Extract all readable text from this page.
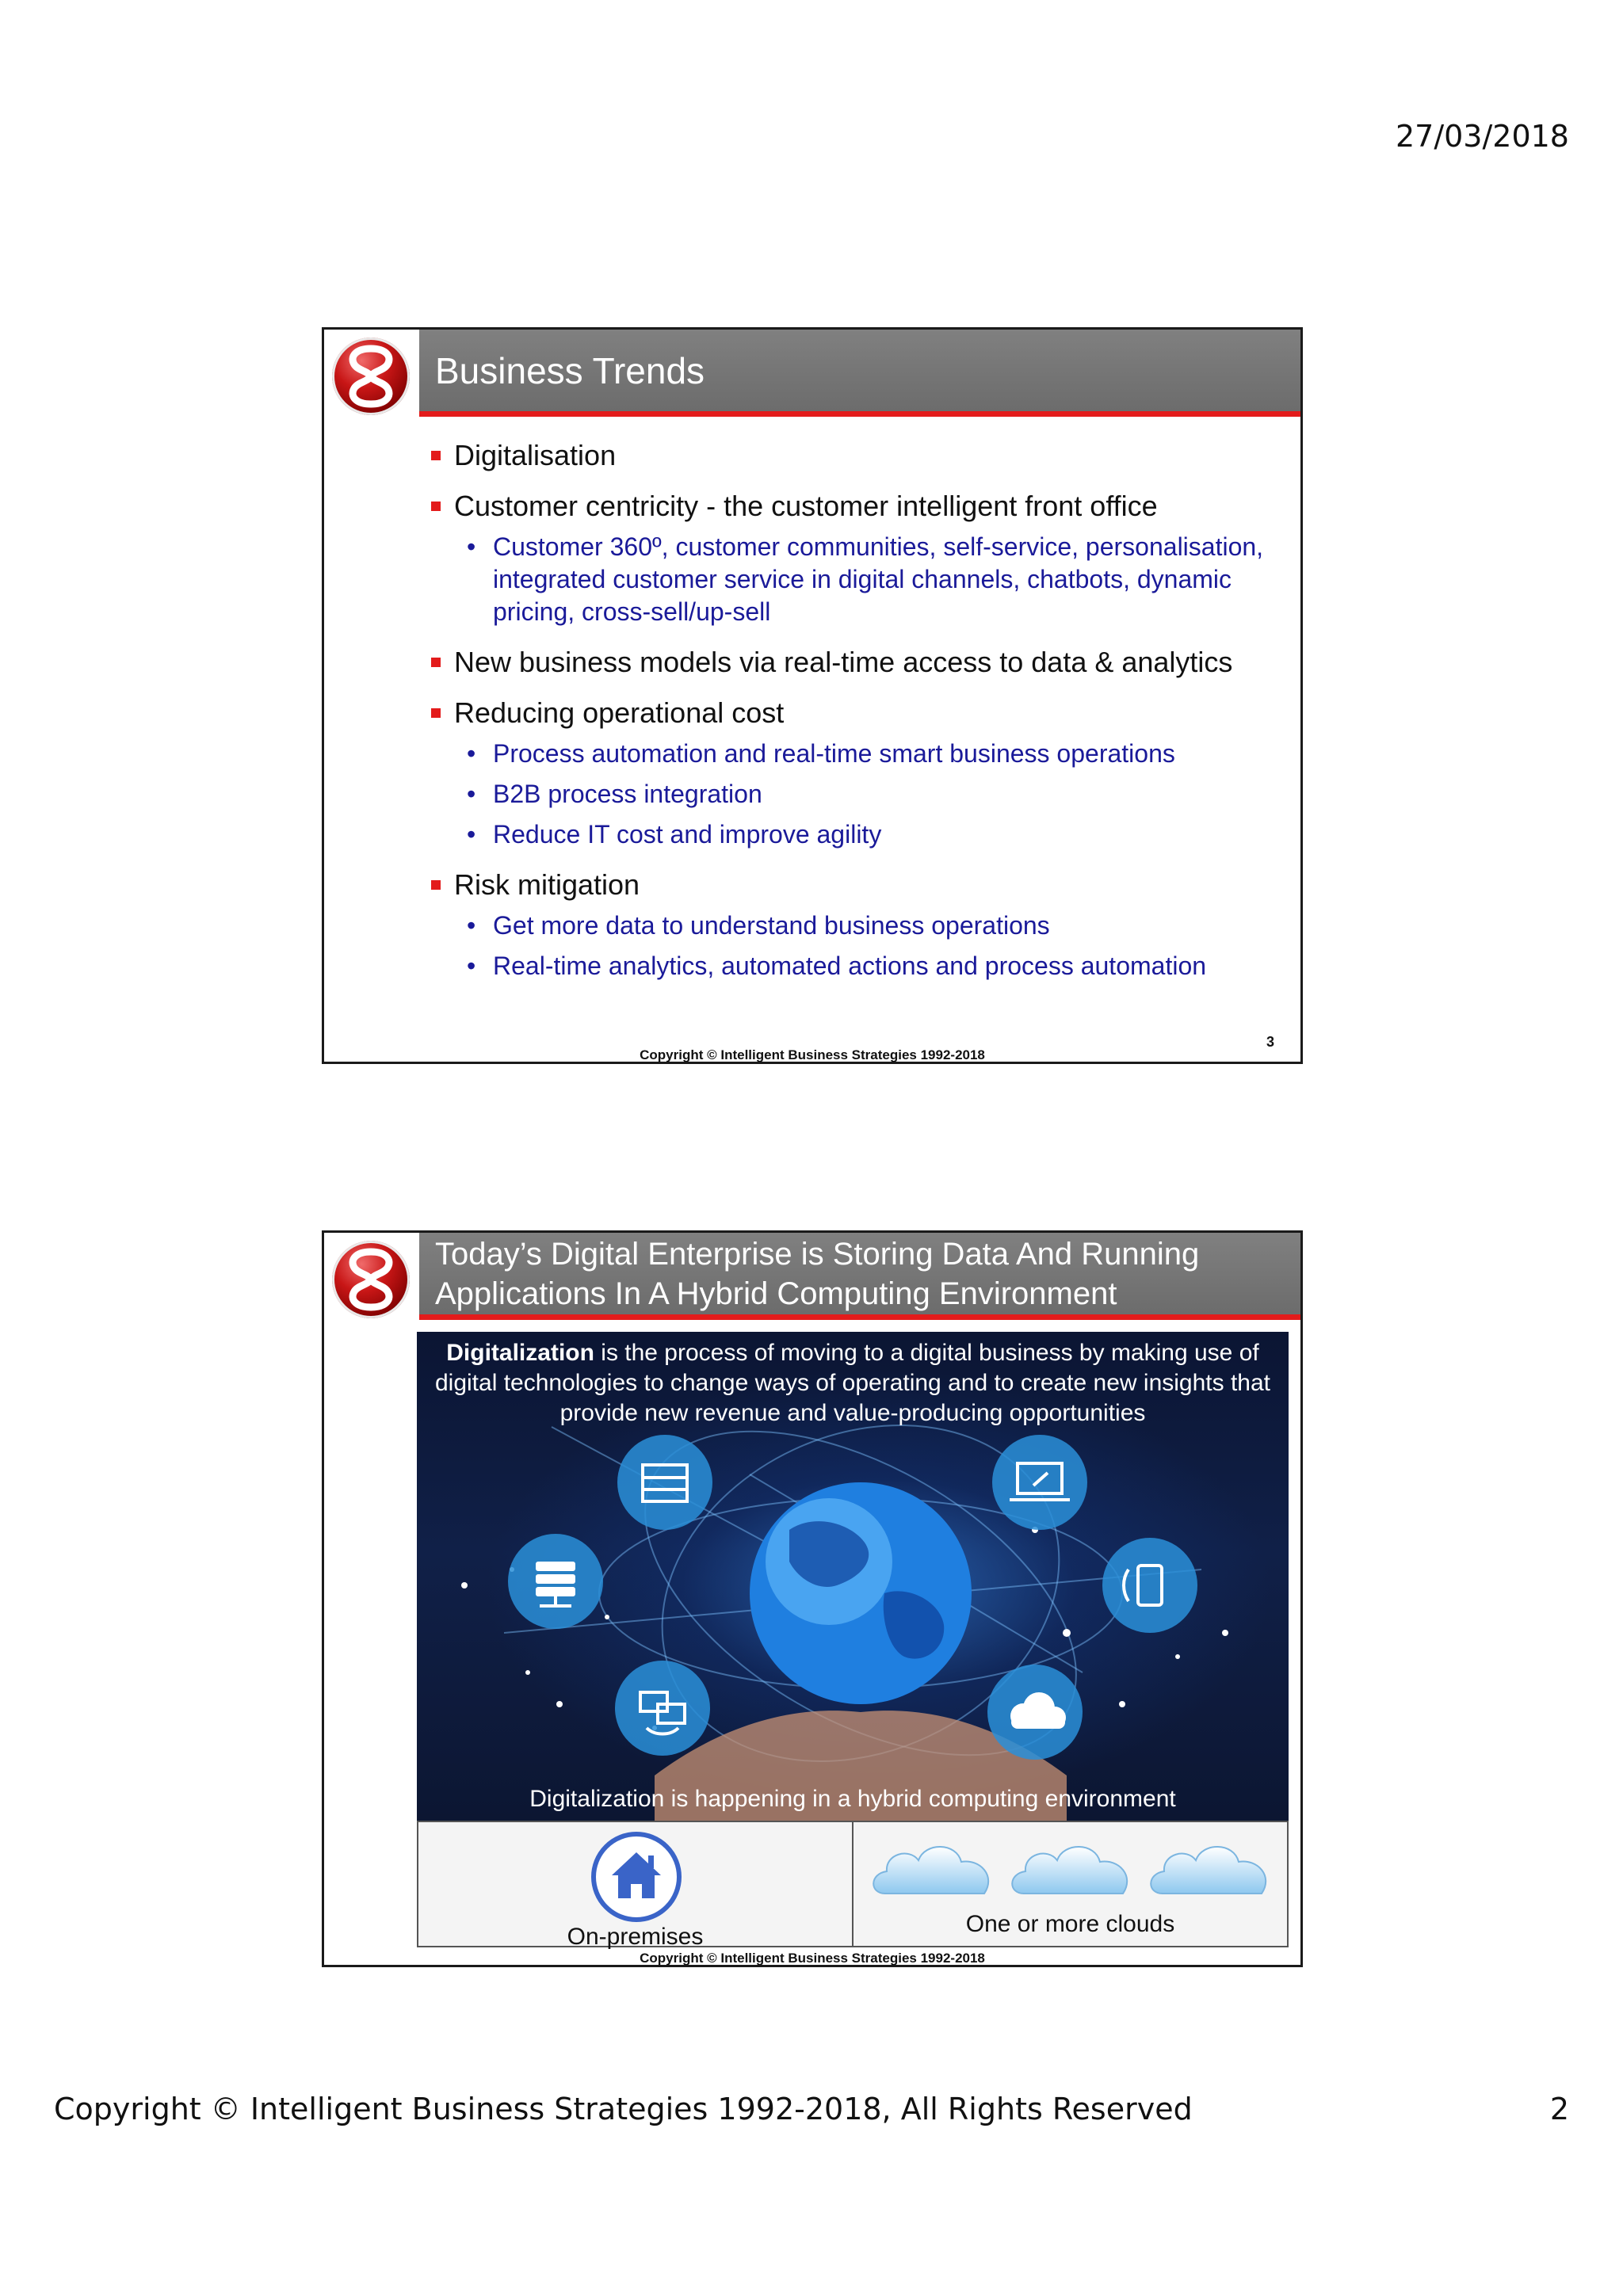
27/03/2018
Business Trends
Digitalisation
Customer centricity - the customer intelligent front office
• Customer 360º, customer communities, self-service, personalisation, integrated customer service in digital channels, chatbots, dynamic pricing, cross-sell/up-sell
New business models via real-time access to data & analytics
Reducing operational cost
• Process automation and real-time smart business operations
• B2B process integration
• Reduce IT cost and improve agility
Risk mitigation
• Get more data to understand business operations
• Real-time analytics, automated actions and process automation
Copyright © Intelligent Business Strategies 1992-2018
3
Today’s Digital Enterprise is Storing Data And Running Applications In A Hybrid Computing Environment
Digitalization is the process of moving to a digital business by making use of digital technologies to change ways of operating and to create new insights that provide new revenue and value-producing opportunities
Digitalization is happening in a hybrid computing environment
On-premises	One or more clouds
Copyright © Intelligent Business Strategies 1992-2018
Copyright © Intelligent Business Strategies 1992-2018, All Rights Reserved	2
